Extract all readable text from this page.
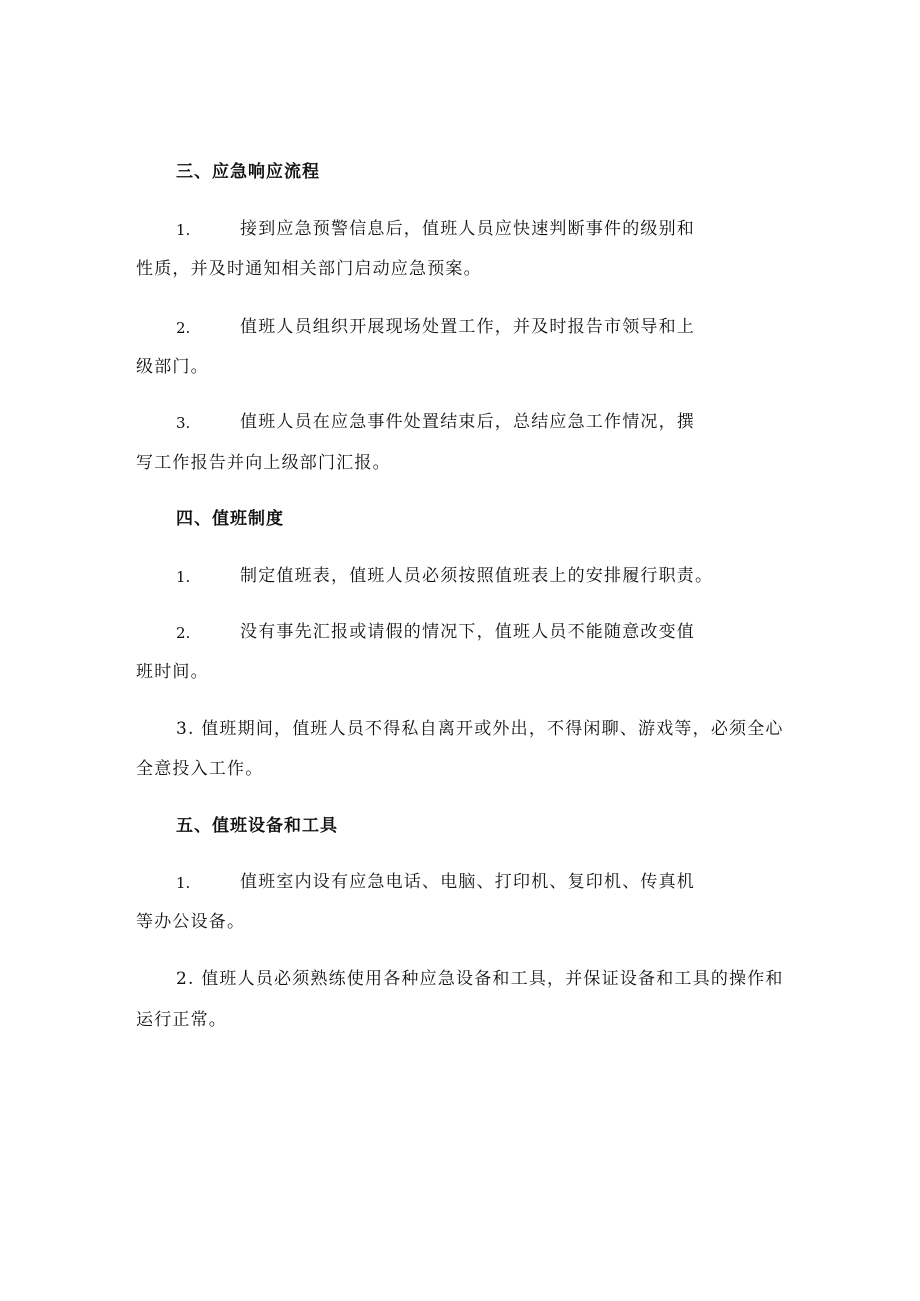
三、应急响应流程
1.	接到应急预警信息后，值班人员应快速判断事件的级别和
性质，并及时通知相关部门启动应急预案。
2.	值班人员组织开展现场处置工作，并及时报告市领导和上
级部门。
3.	值班人员在应急事件处置结束后，总结应急工作情况，撰
写工作报告并向上级部门汇报。
四、值班制度
1.	制定值班表，值班人员必须按照值班表上的安排履行职责。
2.	没有事先汇报或请假的情况下，值班人员不能随意改变值
班时间。
3. 值班期间，值班人员不得私自离开或外出，不得闲聊、游戏等，必须全心
全意投入工作。
五、值班设备和工具
1.	值班室内设有应急电话、电脑、打印机、复印机、传真机
等办公设备。
2. 值班人员必须熟练使用各种应急设备和工具，并保证设备和工具的操作和
运行正常。
